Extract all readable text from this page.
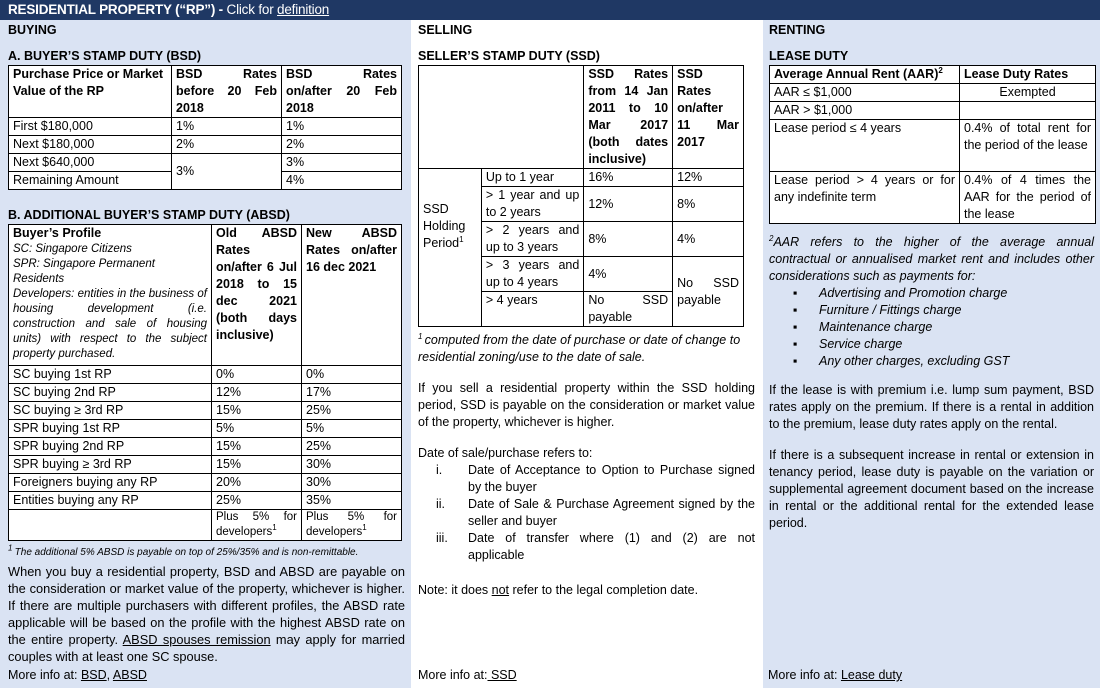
RESIDENTIAL PROPERTY (“RP”) - Click for definition
BUYING
A. BUYER’S STAMP DUTY (BSD)
Purchase Price or Market Value of the RP	BSD Rates before 20 Feb 2018	BSD Rates on/after 20 Feb 2018
First $180,000	1%	1%
Next $180,000	2%	2%
Next $640,000	3%	3%
Remaining Amount		4%
B. ADDITIONAL BUYER’S STAMP DUTY (ABSD)
Buyer’s Profile
SC: Singapore Citizens
SPR: Singapore Permanent Residents
Developers: entities in the business of housing development (i.e. construction and sale of housing units) with respect to the subject property purchased.	Old ABSD Rates on/after 6 Jul 2018 to 15 dec 2021 (both days inclusive)	New ABSD Rates on/after 16 dec 2021
SC buying 1st RP	0%	0%
SC buying 2nd RP	12%	17%
SC buying ≥ 3rd RP	15%	25%
SPR buying 1st RP	5%	5%
SPR buying 2nd RP	15%	25%
SPR buying ≥ 3rd RP	15%	30%
Foreigners buying any RP	20%	30%
Entities buying any RP	25%	35%
	Plus 5% for developers$^1$	Plus 5% for developers$^1$
$^1$ The additional 5% ABSD is payable on top of 25%/35% and is non-remittable.
When you buy a residential property, BSD and ABSD are payable on the consideration or market value of the property, whichever is higher. If there are multiple purchasers with different profiles, the ABSD rate applicable will be based on the profile with the highest ABSD rate on the entire property. ABSD spouses remission may apply for married couples with at least one SC spouse.
More info at: BSD, ABSD
SELLING
SELLER’S STAMP DUTY (SSD)
		SSD Rates from 14 Jan 2011 to 10 Mar 2017 (both dates inclusive)	SSD Rates on/after 11 Mar 2017
SSD Holding Period$^1$	Up to 1 year	16%	12%
	> 1 year and up to 2 years	12%	8%
	> 2 years and up to 3 years	8%	4%
	> 3 years and up to 4 years	4%	No SSD payable
	> 4 years	No SSD payable	
$^1$ computed from the date of purchase or date of change to residential zoning/use to the date of sale.
If you sell a residential property within the SSD holding period, SSD is payable on the consideration or market value of the property, whichever is higher.
Date of sale/purchase refers to:
i.	Date of Acceptance to Option to Purchase signed by the buyer
ii.	Date of Sale & Purchase Agreement signed by the seller and buyer
iii.	Date of transfer where (1) and (2) are not applicable
Note: it does not refer to the legal completion date.
More info at: SSD
RENTING
LEASE DUTY
Average Annual Rent (AAR)$^2$	Lease Duty Rates
AAR ≤ $1,000	Exempted
AAR > $1,000	
Lease period ≤ 4 years	0.4% of total rent for the period of the lease
Lease period > 4 years or for any indefinite term	0.4% of 4 times the AAR for the period of the lease
$^2$AAR refers to the higher of the average annual contractual or annualised market rent and includes other considerations such as payments for:
▪ Advertising and Promotion charge
▪ Furniture / Fittings charge
▪ Maintenance charge
▪ Service charge
▪ Any other charges, excluding GST
If the lease is with premium i.e. lump sum payment, BSD rates apply on the premium. If there is a rental in addition to the premium, lease duty rates apply on the rental.
If there is a subsequent increase in rental or extension in tenancy period, lease duty is payable on the variation or supplemental agreement document based on the increase in rental or the additional rental for the extended lease period.
More info at: Lease duty
